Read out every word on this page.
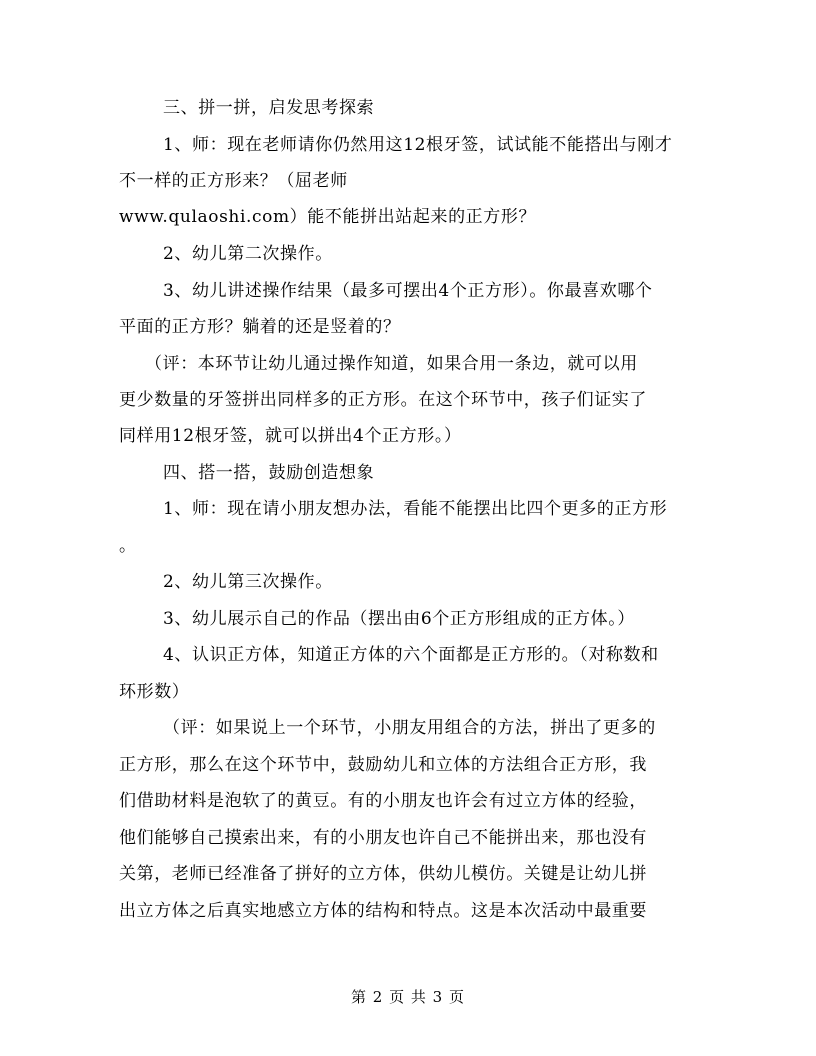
三、拼一拼，启发思考探索
1、师：现在老师请你仍然用这12根牙签，试试能不能搭出与刚才
不一样的正方形来？（屈老师
www.qulaoshi.com）能不能拼出站起来的正方形？
2、幼儿第二次操作。
3、幼儿讲述操作结果（最多可摆出4个正方形）。你最喜欢哪个
平面的正方形？躺着的还是竖着的？
（评：本环节让幼儿通过操作知道，如果合用一条边，就可以用
更少数量的牙签拼出同样多的正方形。在这个环节中，孩子们证实了
同样用12根牙签，就可以拼出4个正方形。）
四、搭一搭，鼓励创造想象
1、师：现在请小朋友想办法，看能不能摆出比四个更多的正方形
。
2、幼儿第三次操作。
3、幼儿展示自己的作品（摆出由6个正方形组成的正方体。）
4、认识正方体，知道正方体的六个面都是正方形的。（对称数和
环形数）
（评：如果说上一个环节，小朋友用组合的方法，拼出了更多的
正方形，那么在这个环节中，鼓励幼儿和立体的方法组合正方形，我
们借助材料是泡软了的黄豆。有的小朋友也许会有过立方体的经验，
他们能够自己摸索出来，有的小朋友也许自己不能拼出来，那也没有
关第，老师已经准备了拼好的立方体，供幼儿模仿。关键是让幼儿拼
出立方体之后真实地感立方体的结构和特点。这是本次活动中最重要
第 2 页 共 3 页
